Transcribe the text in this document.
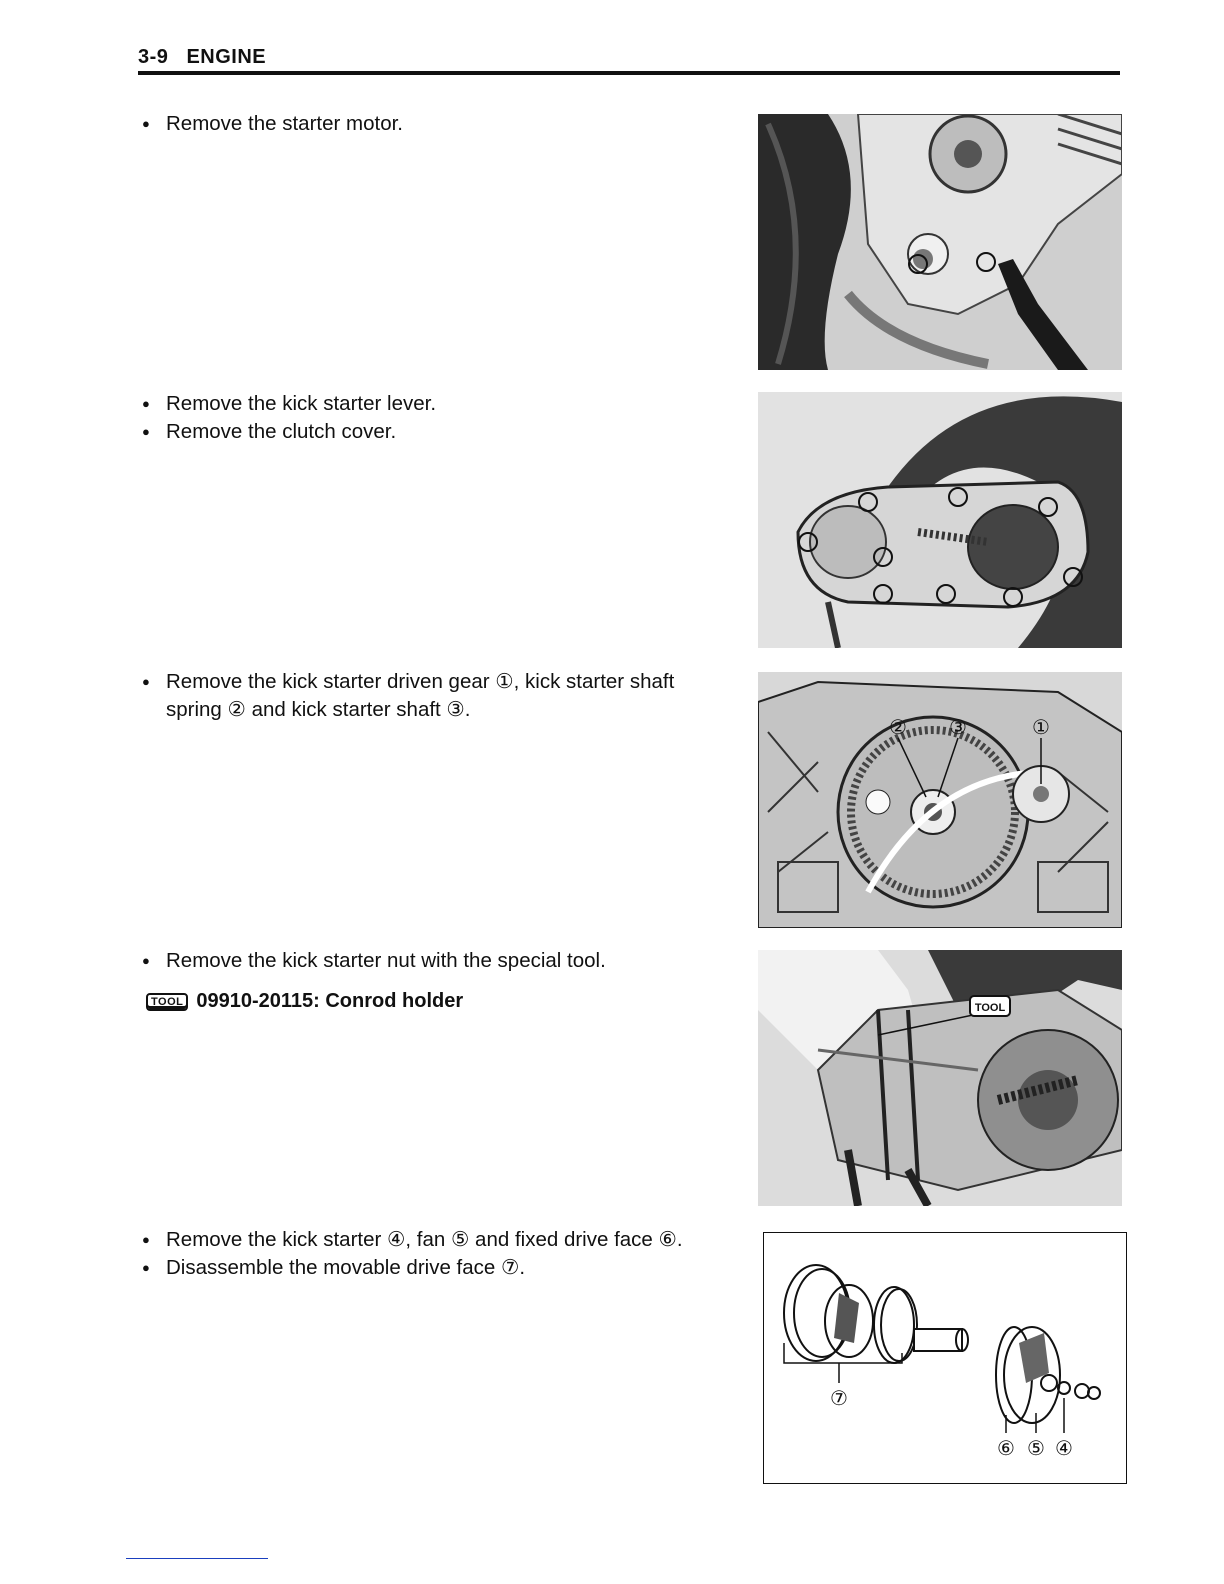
3-9 ENGINE
● Remove the starter motor.
● Remove the kick starter lever.
● Remove the clutch cover.
● Remove the kick starter driven gear ①, kick starter shaft spring ② and kick starter shaft ③.
② ③	①
● Remove the kick starter nut with the special tool.
TOOL 09910-20115: Conrod holder	TOOL
● Remove the kick starter ④, fan ⑤ and fixed drive face ⑥.
● Disassemble the movable drive face ⑦.
⑦
⑥ ⑤ ④
